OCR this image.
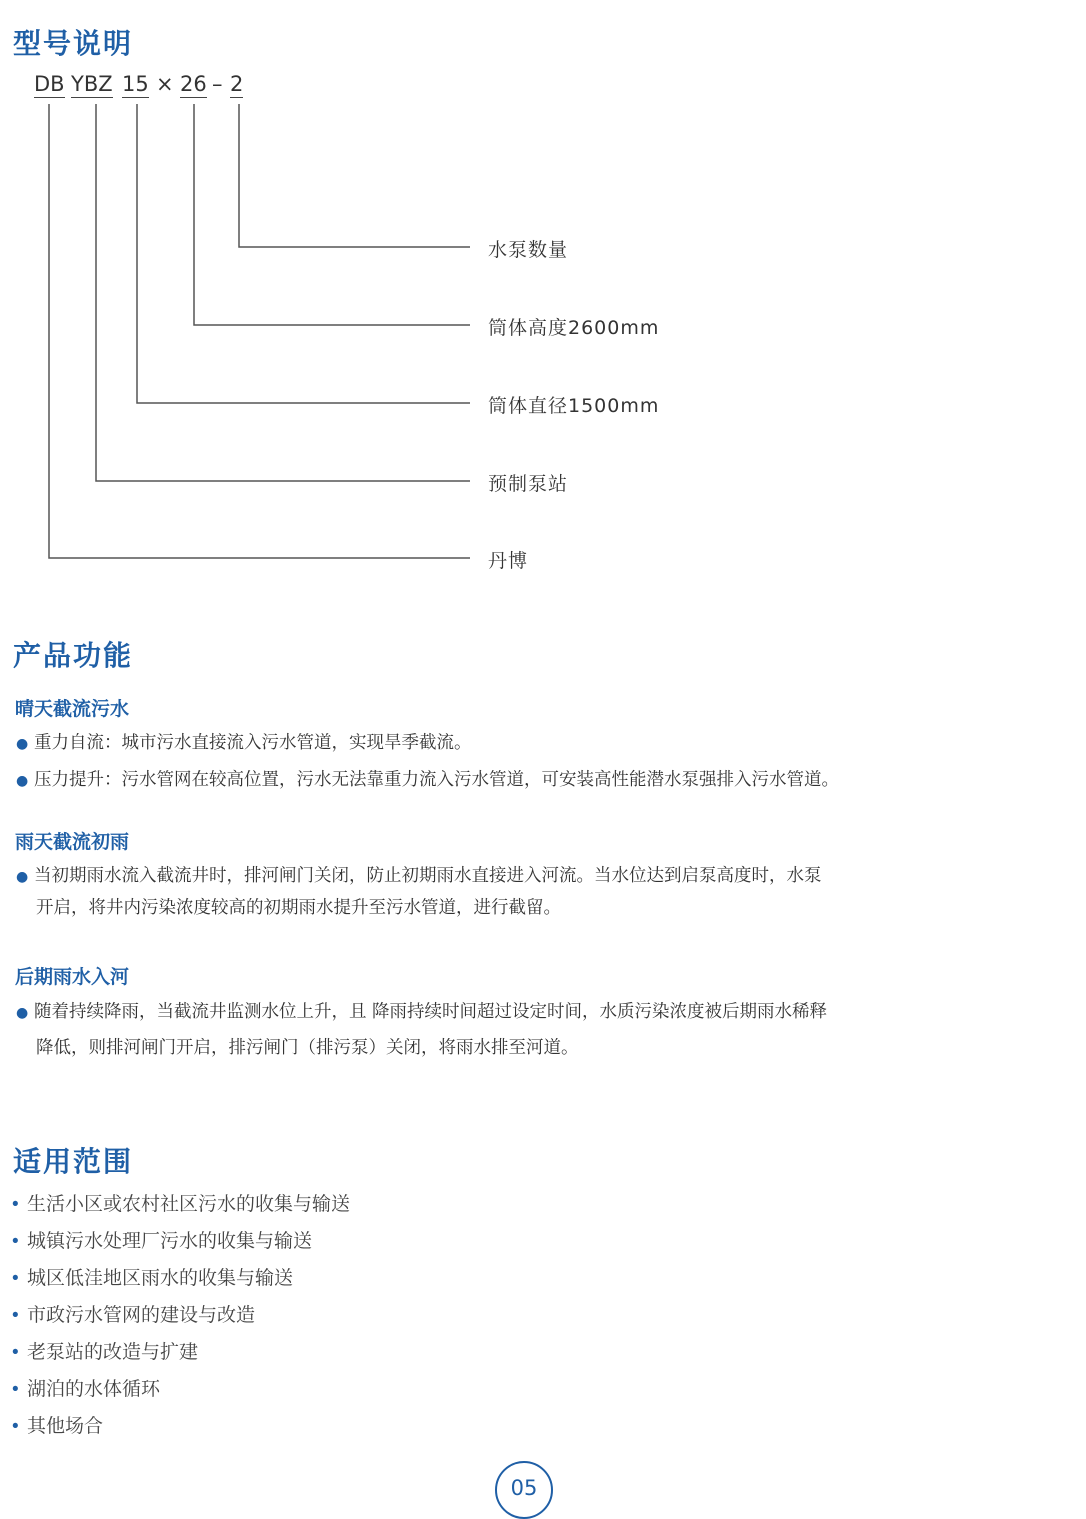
型号说明
DB YBZ 15 × 26 – 2
水泵数量
筒体高度2600mm
筒体直径1500mm
预制泵站
丹博
产品功能
晴天截流污水
● 重力自流：城市污水直接流入污水管道，实现旱季截流。
● 压力提升：污水管网在较高位置，污水无法靠重力流入污水管道，可安装高性能潜水泵强排入污水管道。
雨天截流初雨
● 当初期雨水流入截流井时，排河闸门关闭，防止初期雨水直接进入河流。当水位达到启泵高度时，水泵
开启，将井内污染浓度较高的初期雨水提升至污水管道，进行截留。
后期雨水入河
● 随着持续降雨，当截流井监测水位上升，且 降雨持续时间超过设定时间，水质污染浓度被后期雨水稀释
降低，则排河闸门开启，排污闸门（排污泵）关闭，将雨水排至河道。
适用范围
• 生活小区或农村社区污水的收集与输送
• 城镇污水处理厂污水的收集与输送
• 城区低洼地区雨水的收集与输送
• 市政污水管网的建设与改造
• 老泵站的改造与扩建
• 湖泊的水体循环
• 其他场合
05
